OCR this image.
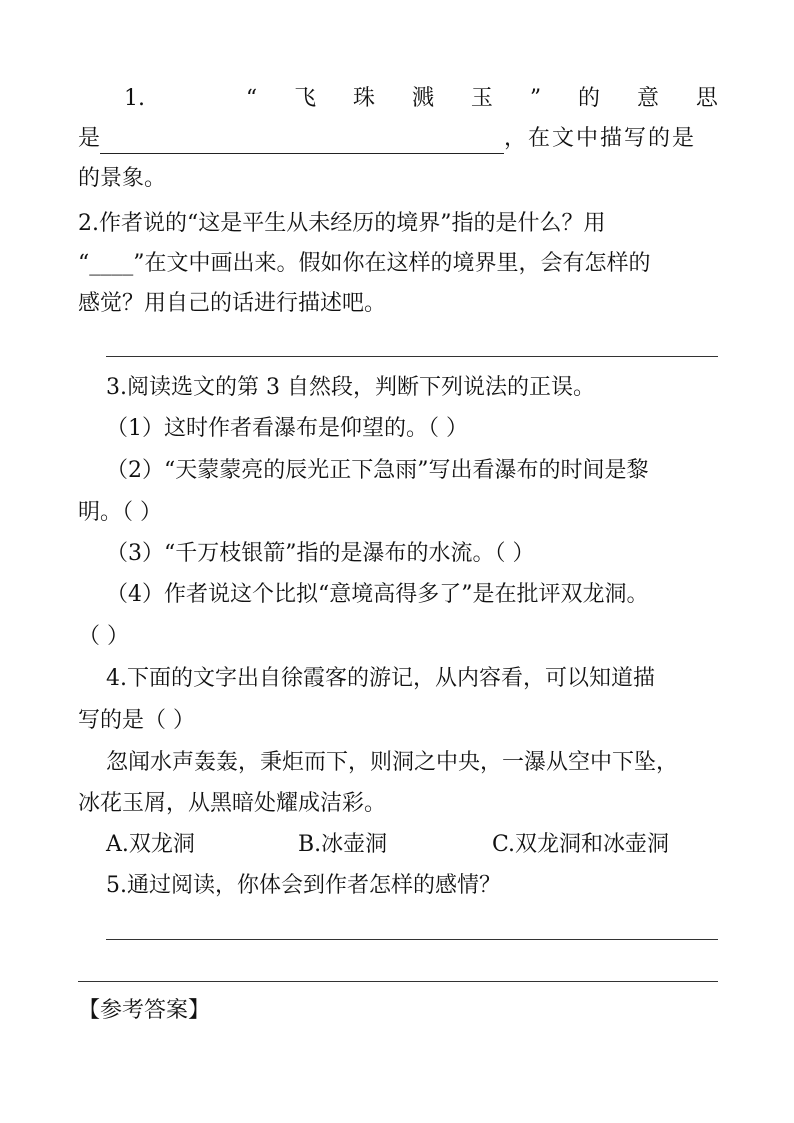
1.	“ 飞 珠 溅 玉 ” 的 意 思
是	，在文中描写的是
的景象。
2.作者说的“这是平生从未经历的境界”指的是什么？用
“____”在文中画出来。假如你在这样的境界里，会有怎样的
感觉？用自己的话进行描述吧。
3.阅读选文的第 3 自然段，判断下列说法的正误。
（1）这时作者看瀑布是仰望的。（ ）
（2）“天蒙蒙亮的辰光正下急雨”写出看瀑布的时间是黎
明。（ ）
（3）“千万枝银箭”指的是瀑布的水流。（ ）
（4）作者说这个比拟“意境高得多了”是在批评双龙洞。
（ ）
4.下面的文字出自徐霞客的游记，从内容看，可以知道描
写的是（ ）
忽闻水声轰轰，秉炬而下，则洞之中央，一瀑从空中下坠，
冰花玉屑，从黑暗处耀成洁彩。
A.双龙洞	B.冰壶洞	C.双龙洞和冰壶洞
5.通过阅读，你体会到作者怎样的感情？
【参考答案】
